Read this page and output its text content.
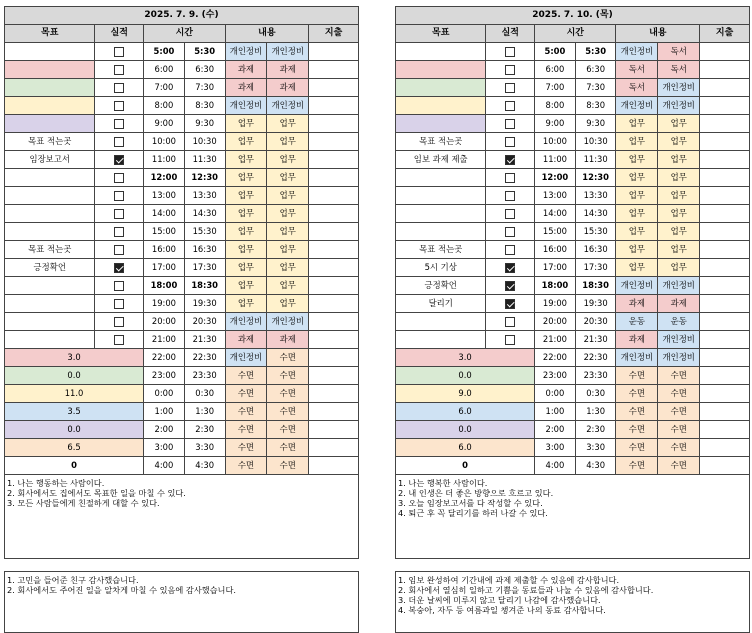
2025. 7. 9. (수)						
목표	실적	시간		내용		지출
		5:00	5:30	개인정비	개인정비	
		6:00	6:30	과제	과제	
		7:00	7:30	과제	과제	
		8:00	8:30	개인정비	개인정비	
		9:00	9:30	업무	업무	
목표 적는곳		10:00	10:30	업무	업무	
임장보고서		11:00	11:30	업무	업무	
		12:00	12:30	업무	업무	
		13:00	13:30	업무	업무	
		14:00	14:30	업무	업무	
		15:00	15:30	업무	업무	
목표 적는곳		16:00	16:30	업무	업무	
긍정확언		17:00	17:30	업무	업무	
		18:00	18:30	업무	업무	
		19:00	19:30	업무	업무	
		20:00	20:30	개인정비	개인정비	
		21:00	21:30	과제	과제	
3.0		22:00	22:30	개인정비	수면	
0.0		23:00	23:30	수면	수면	
11.0		0:00	0:30	수면	수면	
3.5		1:00	1:30	수면	수면	
0.0		2:00	2:30	수면	수면	
6.5		3:00	3:30	수면	수면	
0		4:00	4:30	수면	수면	
1. 나는 행동하는 사람이다.
2. 회사에서도 집에서도 목표한 일을 마칠 수 있다.
3. 모든 사람들에게 친절하게 대할 수 있다.
1. 고민을 들어준 친구 감사했습니다.
2. 회사에서도 주어진 일을 알차게 마칠 수 있음에 감사했습니다.
2025. 7. 10. (목)						
목표	실적	시간		내용		지출
		5:00	5:30	개인정비	독서	
		6:00	6:30	독서	독서	
		7:00	7:30	독서	개인정비	
		8:00	8:30	개인정비	개인정비	
		9:00	9:30	업무	업무	
목표 적는곳		10:00	10:30	업무	업무	
임보 과제 제출		11:00	11:30	업무	업무	
		12:00	12:30	업무	업무	
		13:00	13:30	업무	업무	
		14:00	14:30	업무	업무	
		15:00	15:30	업무	업무	
목표 적는곳		16:00	16:30	업무	업무	
5시 기상		17:00	17:30	업무	업무	
긍정확언		18:00	18:30	개인정비	개인정비	
달리기		19:00	19:30	과제	과제	
		20:00	20:30	운동	운동	
		21:00	21:30	과제	개인정비	
3.0		22:00	22:30	개인정비	개인정비	
0.0		23:00	23:30	수면	수면	
9.0		0:00	0:30	수면	수면	
6.0		1:00	1:30	수면	수면	
0.0		2:00	2:30	수면	수면	
6.0		3:00	3:30	수면	수면	
0		4:00	4:30	수면	수면	
1. 나는 행복한 사람이다.
2. 내 인생은 더 좋은 방향으로 흐르고 있다.
3. 오늘 임장보고서를 다 작성할 수 있다.
4. 퇴근 후 꼭 달리기를 하러 나갈 수 있다.
1. 임보 완성하여 기간내에 과제 제출할 수 있음에 감사합니다.
2. 회사에서 열심히 일하고 기쁨을 동료들과 나눌 수 있음에 감사합니다.
3. 더운 날씨에 미루지 않고 달리기 나감에 감사했습니다.
4. 복숭아, 자두 등 여름과일 챙겨준 나의 동료 감사합니다.
